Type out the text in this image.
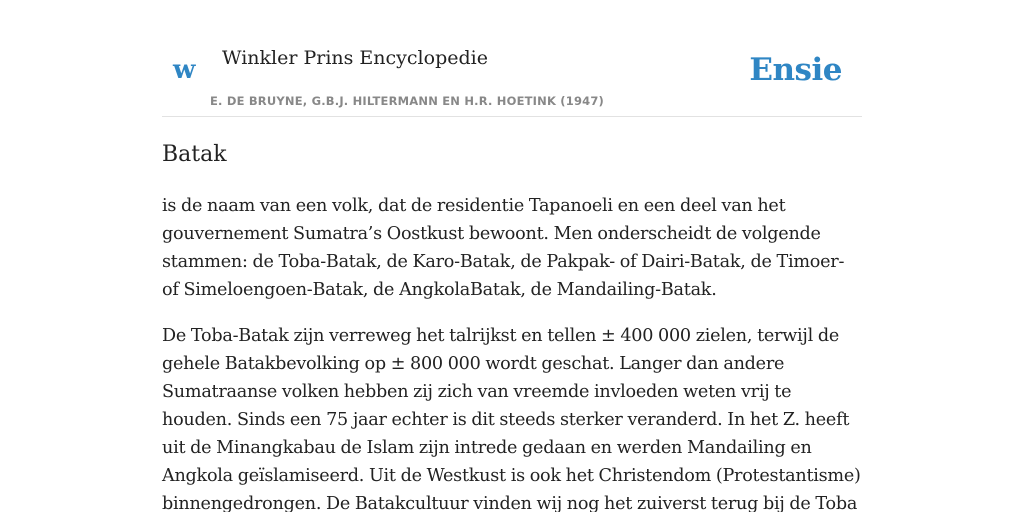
w Winkler Prins Encyclopedie
E. DE BRUYNE, G.B.J. HILTERMANN EN H.R. HOETINK (1947)
Ensie
Batak

is de naam van een volk, dat de residentie Tapanoeli en een deel van het gouvernement Sumatra’s Oostkust bewoont. Men onderscheidt de volgende stammen: de Toba-Batak, de Karo-Batak, de Pakpak- of Dairi-Batak, de Timoer- of Simeloengoen-Batak, de AngkolaBatak, de Mandailing-Batak.

De Toba-Batak zijn verreweg het talrijkst en tellen ± 400 000 zielen, terwijl de gehele Batakbevolking op ± 800 000 wordt geschat. Langer dan andere Sumatraanse volken hebben zij zich van vreemde invloeden weten vrij te houden. Sinds een 75 jaar echter is dit steeds sterker veranderd. In het Z. heeft uit de Minangkabau de Islam zijn intrede gedaan en werden Mandailing en Angkola geïslamiseerd. Uit de Westkust is ook het Christendom (Protestantisme) binnengedrongen. De Batakcultuur vinden wij nog het zuiverst terug bij de Toba
